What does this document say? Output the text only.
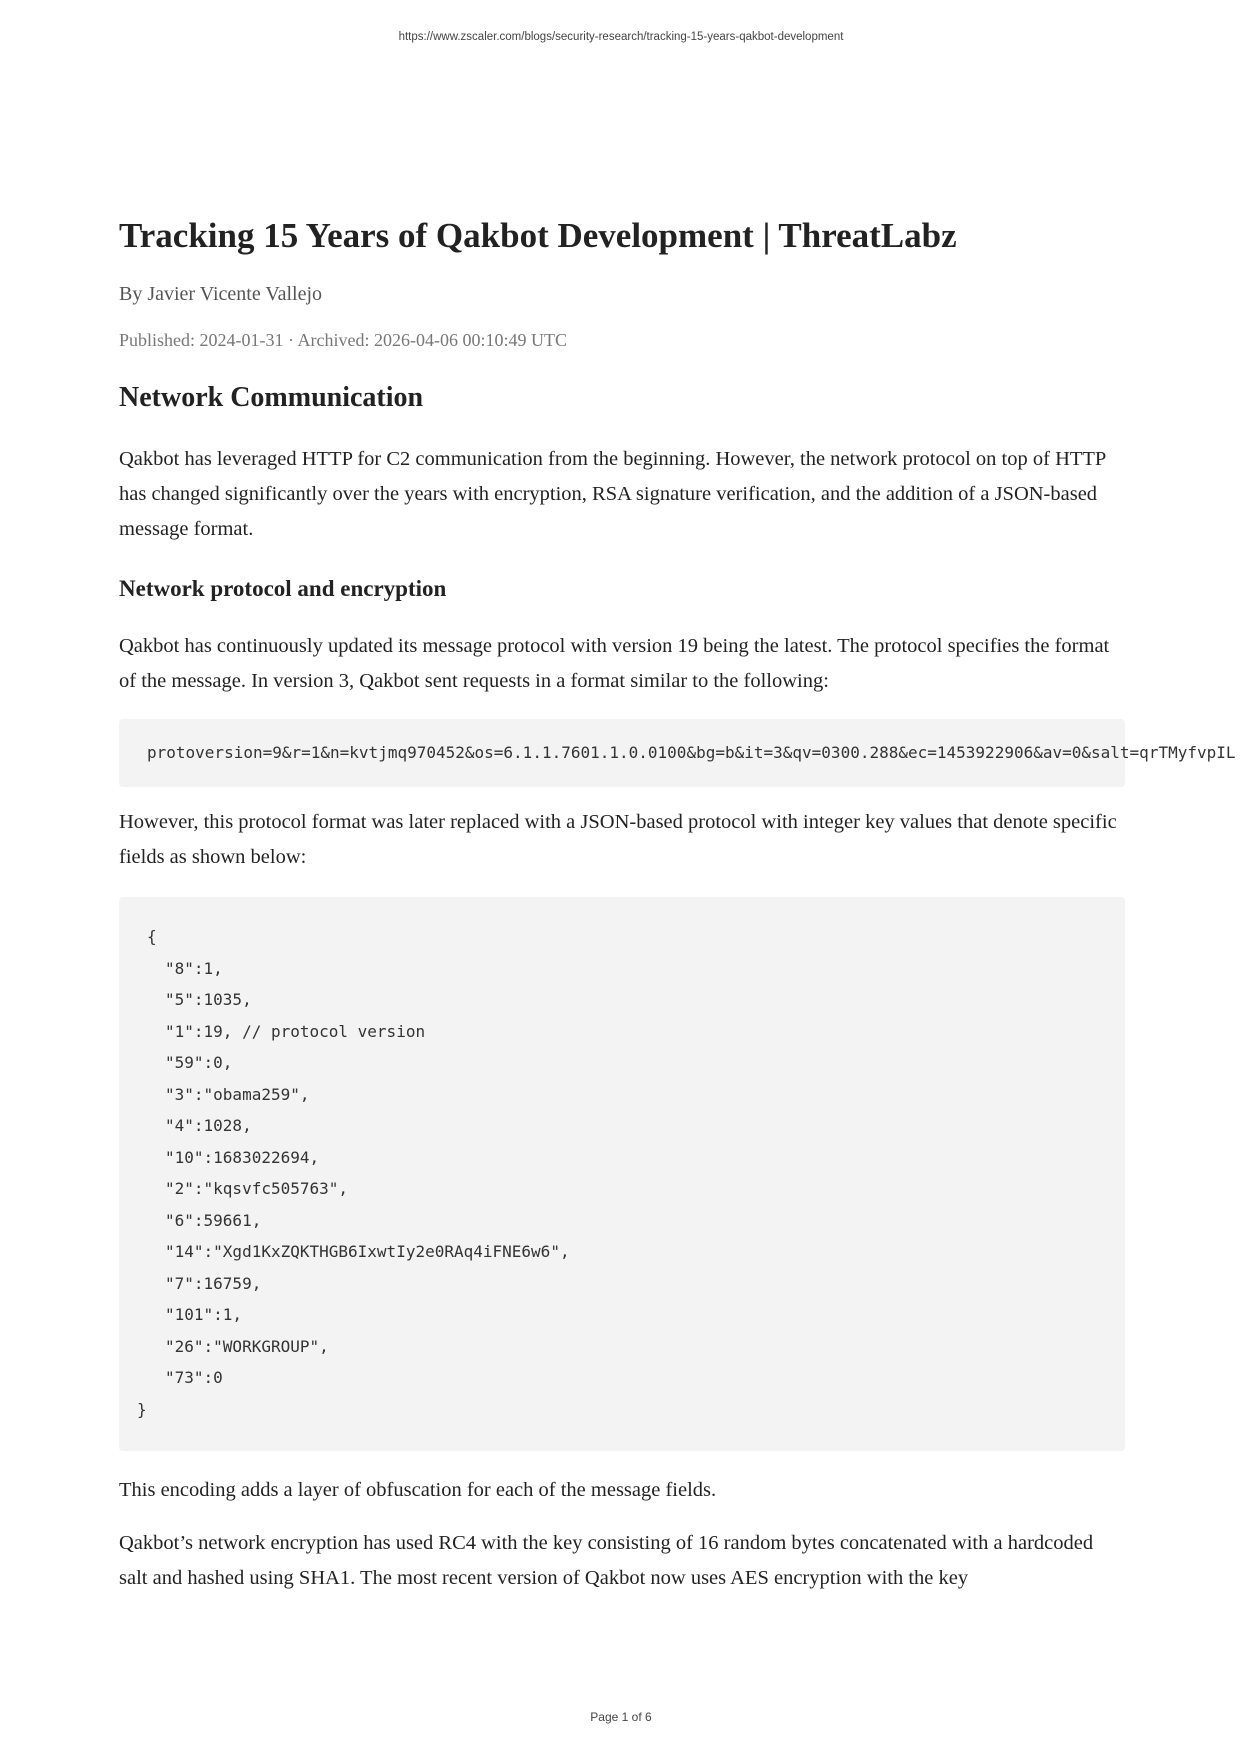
https://www.zscaler.com/blogs/security-research/tracking-15-years-qakbot-development
Tracking 15 Years of Qakbot Development | ThreatLabz
By Javier Vicente Vallejo
Published: 2024-01-31 · Archived: 2026-04-06 00:10:49 UTC
Network Communication

Qakbot has leveraged HTTP for C2 communication from the beginning. However, the network protocol on top of HTTP has changed significantly over the years with encryption, RSA signature verification, and the addition of a JSON-based message format.

Network protocol and encryption

Qakbot has continuously updated its message protocol with version 19 being the latest. The protocol specifies the format of the message. In version 3, Qakbot sent requests in a format similar to the following:

protoversion=9&r=1&n=kvtjmq970452&os=6.1.1.7601.1.0.0100&bg=b&it=3&qv=0300.288&ec=1453922906&av=0&salt=qrTMyfvpIL

However, this protocol format was later replaced with a JSON-based protocol with integer key values that denote specific fields as shown below:

{
"8":1,
"5":1035,
"1":19, // protocol version
"59":0,
"3":"obama259",
"4":1028,
"10":1683022694,
"2":"kqsvfc505763",
"6":59661,
"14":"Xgd1KxZQKTHGB6IxwtIy2e0RAq4iFNE6w6",
"7":16759,
"101":1,
"26":"WORKGROUP",
"73":0
}

This encoding adds a layer of obfuscation for each of the message fields.

Qakbot’s network encryption has used RC4 with the key consisting of 16 random bytes concatenated with a hardcoded salt and hashed using SHA1. The most recent version of Qakbot now uses AES encryption with the key

Page 1 of 6
